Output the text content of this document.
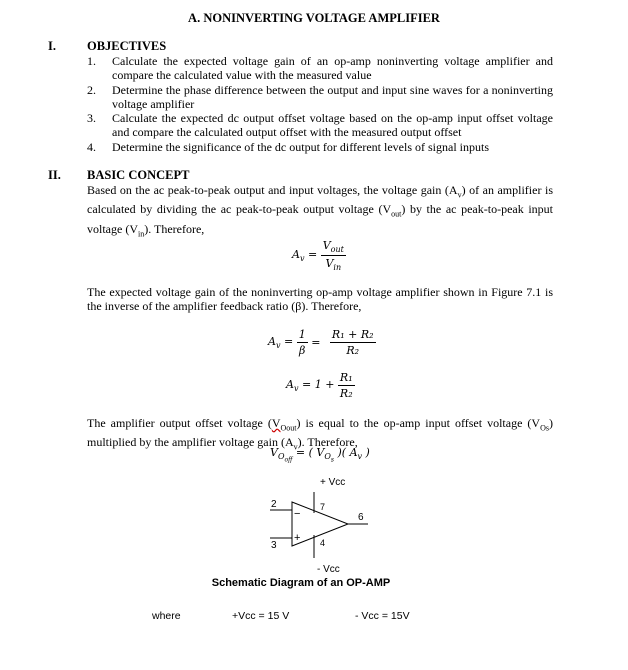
A. NONINVERTING VOLTAGE AMPLIFIER
I. OBJECTIVES
1. Calculate the expected voltage gain of an op-amp noninverting voltage amplifier and compare the calculated value with the measured value
2. Determine the phase difference between the output and input sine waves for a noninverting voltage amplifier
3. Calculate the expected dc output offset voltage based on the op-amp input offset voltage and compare the calculated output offset with the measured output offset
4. Determine the significance of the dc output for different levels of signal inputs
II. BASIC CONCEPT
Based on the ac peak-to-peak output and input voltages, the voltage gain $(A_v)$ of an amplifier is calculated by dividing the ac peak-to-peak output voltage $(V_{out})$ by the ac peak-to-peak input voltage $(V_{in})$. Therefore,
$A_v = \frac{V_{out}}{V_{in}}$
The expected voltage gain of the noninverting op-amp voltage amplifier shown in Figure 7.1 is the inverse of the amplifier feedback ratio (β). Therefore,
$A_v = \frac{1}{\beta} = \frac{\text{R₁ + R₂}}{\text{R₂}}$
$A_v = 1 + \frac{\text{R₁}}{\text{R₂}}$
The amplifier output offset voltage $(V_{Oout})$ is equal to the op-amp input offset voltage $(V_{Os})$ multiplied by the amplifier voltage gain $(A_v)$. Therefore,
$V_{O_{off}}$ = ( $V_{O_s}$ )( $A_v$ )
+ Vcc
2	7
6
3	4
- Vcc
−
+
Schematic Diagram of an OP-AMP
where	+Vcc = 15 V	- Vcc = 15V
